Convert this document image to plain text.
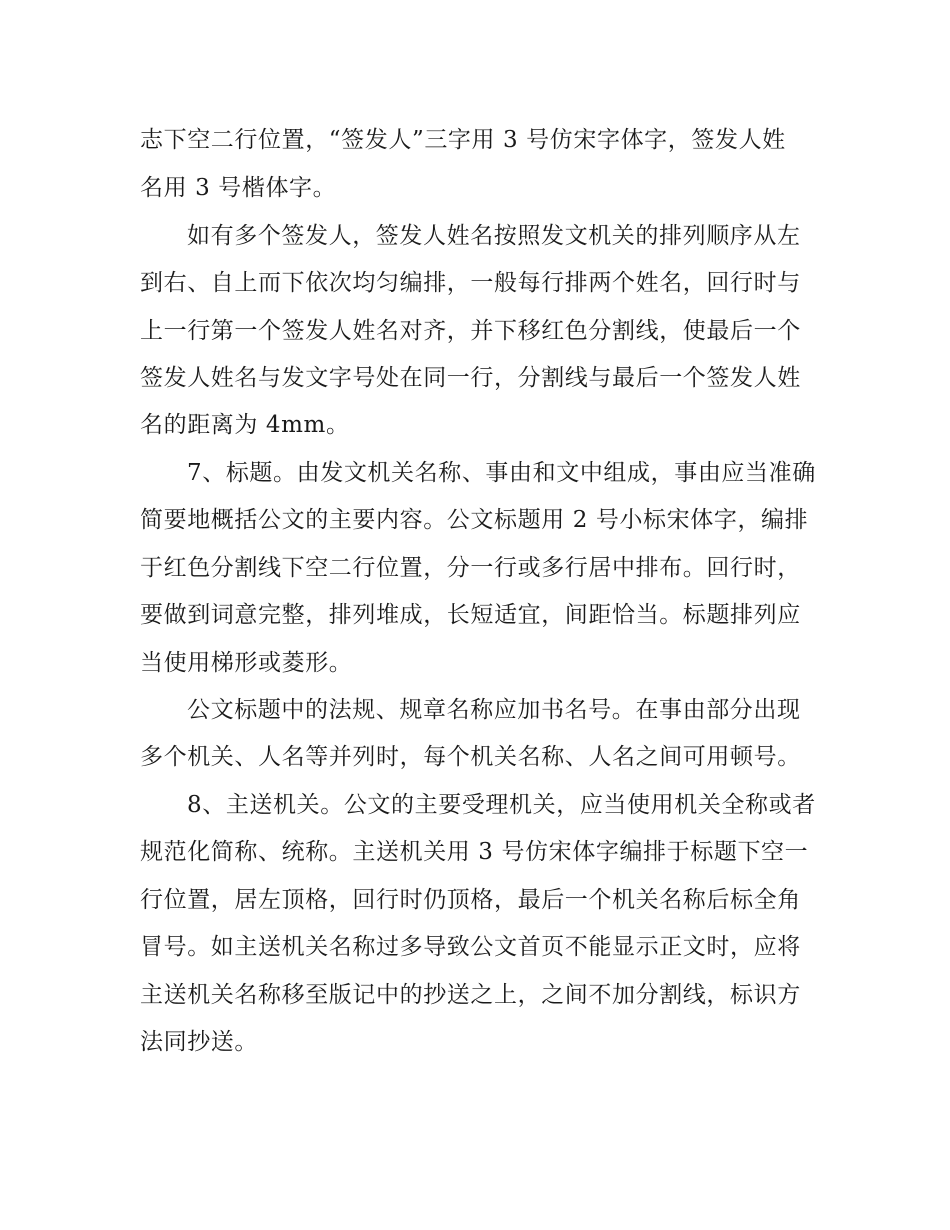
志下空二行位置，“签发人”三字用 3 号仿宋字体字，签发人姓

名用 3 号楷体字。

如有多个签发人，签发人姓名按照发文机关的排列顺序从左

到右、自上而下依次均匀编排，一般每行排两个姓名，回行时与

上一行第一个签发人姓名对齐，并下移红色分割线，使最后一个

签发人姓名与发文字号处在同一行，分割线与最后一个签发人姓

名的距离为 4mm。

7、标题。由发文机关名称、事由和文中组成，事由应当准确

简要地概括公文的主要内容。公文标题用 2 号小标宋体字，编排

于红色分割线下空二行位置，分一行或多行居中排布。回行时，

要做到词意完整，排列堆成，长短适宜，间距恰当。标题排列应

当使用梯形或菱形。

公文标题中的法规、规章名称应加书名号。在事由部分出现

多个机关、人名等并列时，每个机关名称、人名之间可用顿号。

8、主送机关。公文的主要受理机关，应当使用机关全称或者

规范化简称、统称。主送机关用 3 号仿宋体字编排于标题下空一

行位置，居左顶格，回行时仍顶格，最后一个机关名称后标全角

冒号。如主送机关名称过多导致公文首页不能显示正文时，应将

主送机关名称移至版记中的抄送之上，之间不加分割线，标识方

法同抄送。
